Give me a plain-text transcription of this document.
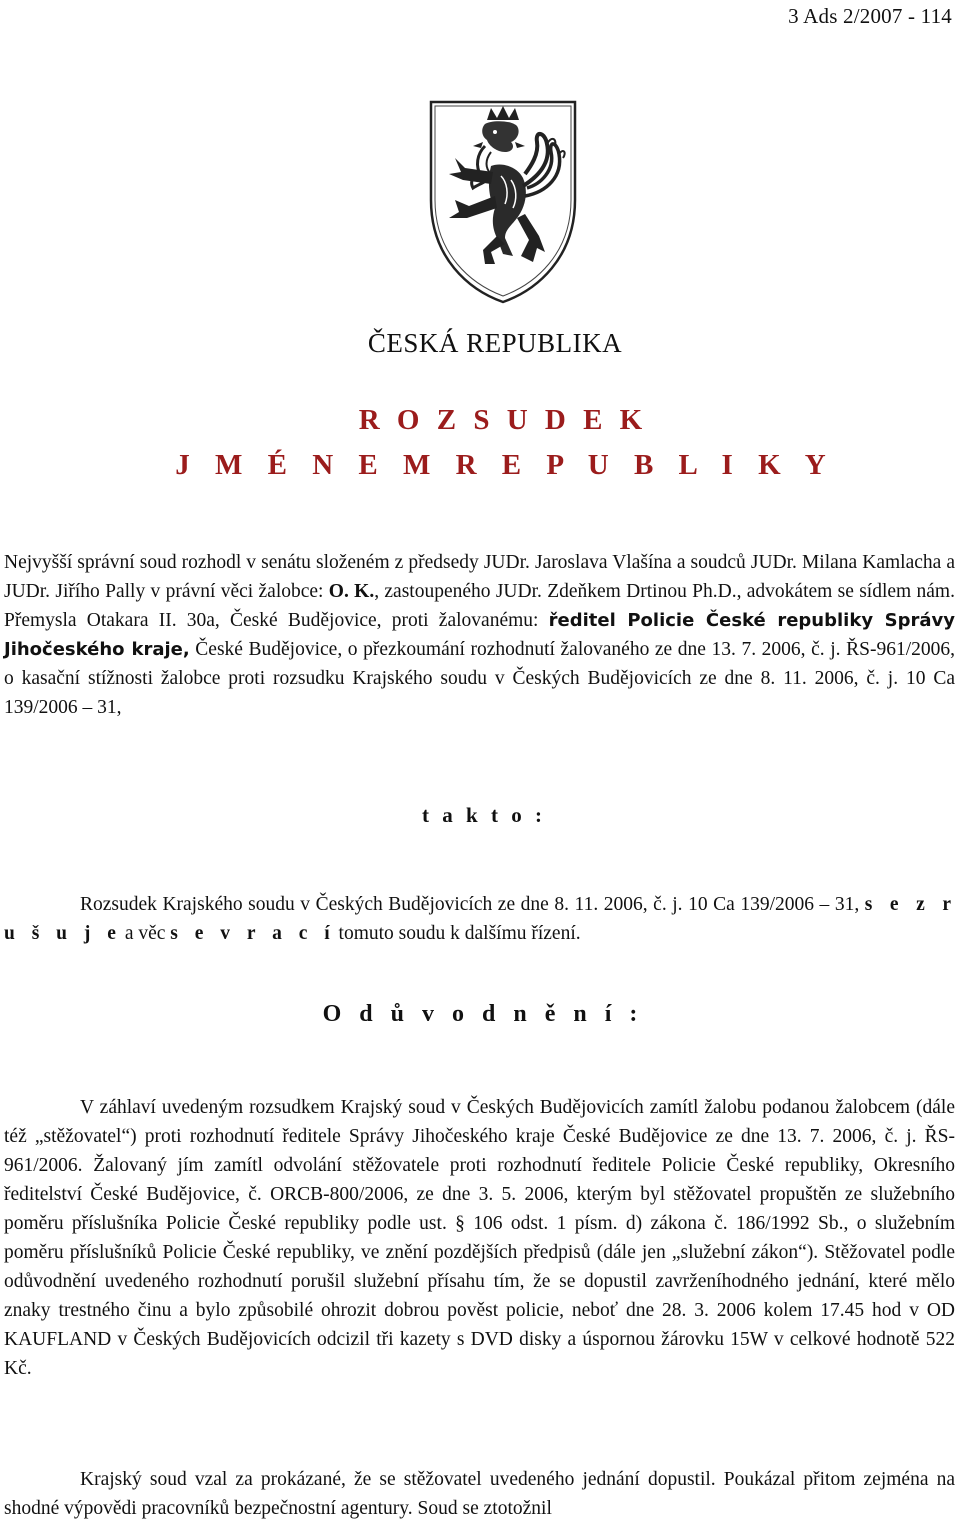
3 Ads 2/2007 - 114
ČESKÁ REPUBLIKA
R O Z S U D E K
J M É N E M R E P U B L I K Y
Nejvyšší správní soud rozhodl v senátu složeném z předsedy JUDr. Jaroslava Vlašína a soudců JUDr. Milana Kamlacha a JUDr. Jiřího Pally v právní věci žalobce: O. K., zastoupeného JUDr. Zdeňkem Drtinou Ph.D., advokátem se sídlem nám. Přemysla Otakara II. 30a, České Budějovice, proti žalovanému: ředitel Policie České republiky Správy Jihočeského kraje, České Budějovice, o přezkoumání rozhodnutí žalovaného ze dne 13. 7. 2006, č. j. ŘS-961/2006, o kasační stížnosti žalobce proti rozsudku Krajského soudu v Českých Budějovicích ze dne 8. 11. 2006, č. j. 10 Ca 139/2006 – 31,
t a k t o :
Rozsudek Krajského soudu v Českých Budějovicích ze dne 8. 11. 2006, č. j. 10 Ca 139/2006 – 31, s e z r u š u j e a věc s e v r a c í tomuto soudu k dalšímu řízení.
O d ů v o d n ě n í :
V záhlaví uvedeným rozsudkem Krajský soud v Českých Budějovicích zamítl žalobu podanou žalobcem (dále též „stěžovatel“) proti rozhodnutí ředitele Správy Jihočeského kraje České Budějovice ze dne 13. 7. 2006, č. j. ŘS-961/2006. Žalovaný jím zamítl odvolání stěžovatele proti rozhodnutí ředitele Policie České republiky, Okresního ředitelství České Budějovice, č. ORCB-800/2006, ze dne 3. 5. 2006, kterým byl stěžovatel propuštěn ze služebního poměru příslušníka Policie České republiky podle ust. § 106 odst. 1 písm. d) zákona č. 186/1992 Sb., o služebním poměru příslušníků Policie České republiky, ve znění pozdějších předpisů (dále jen „služební zákon“). Stěžovatel podle odůvodnění uvedeného rozhodnutí porušil služební přísahu tím, že se dopustil zavrženíhodného jednání, které mělo znaky trestného činu a bylo způsobilé ohrozit dobrou pověst policie, neboť dne 28. 3. 2006 kolem 17.45 hod v OD KAUFLAND v Českých Budějovicích odcizil tři kazety s DVD disky a úspornou žárovku 15W v celkové hodnotě 522 Kč.
Krajský soud vzal za prokázané, že se stěžovatel uvedeného jednání dopustil. Poukázal přitom zejména na shodné výpovědi pracovníků bezpečnostní agentury. Soud se ztotožnil
